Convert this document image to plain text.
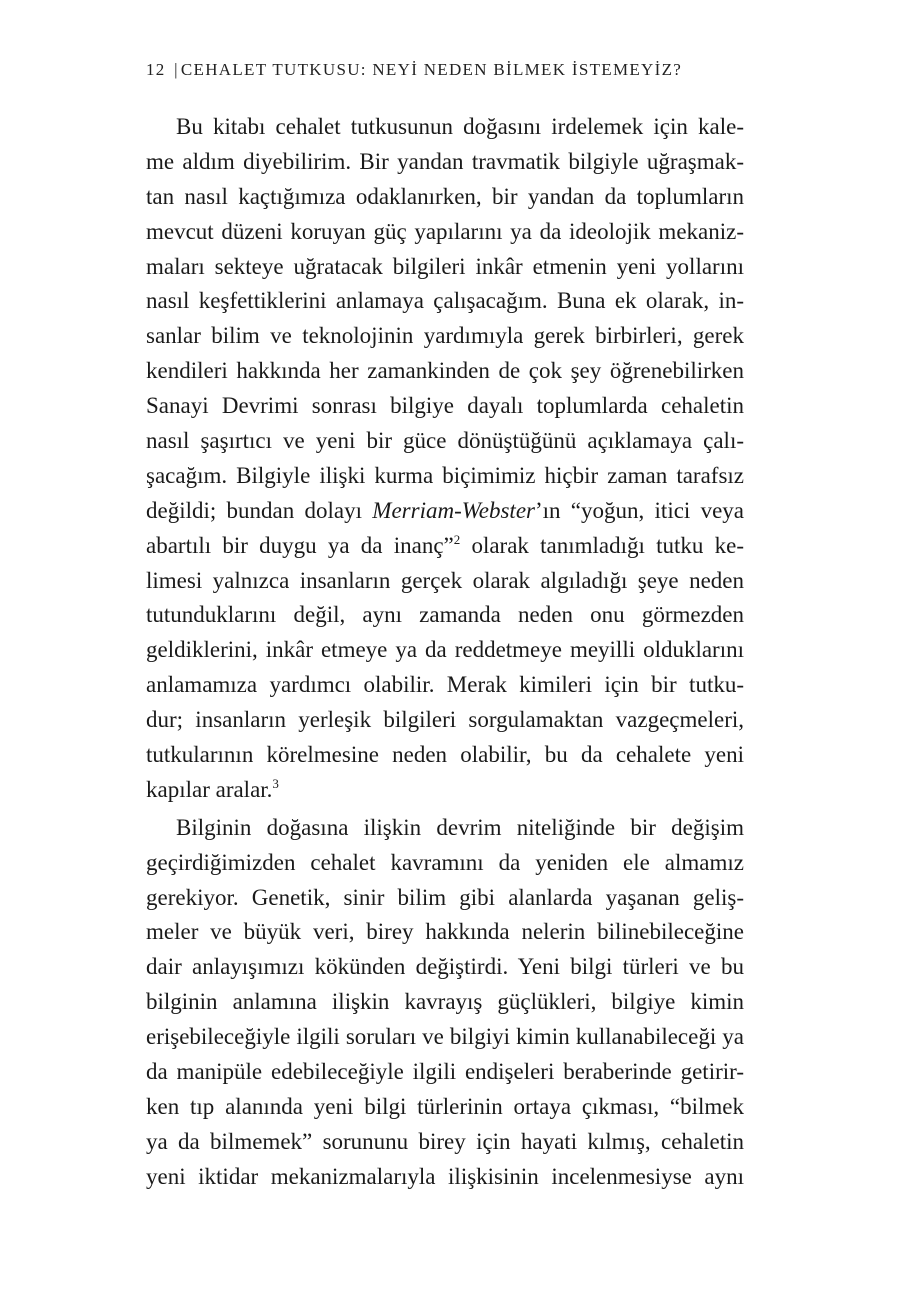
12 | CEHALET TUTKUSU: NEYİ NEDEN BİLMEK İSTEMEYİZ?
Bu kitabı cehalet tutkusunun doğasını irdelemek için kale-
me aldım diyebilirim. Bir yandan travmatik bilgiyle uğraşmak-
tan nasıl kaçtığımıza odaklanırken, bir yandan da toplumların
mevcut düzeni koruyan güç yapılarını ya da ideolojik mekaniz-
maları sekteye uğratacak bilgileri inkâr etmenin yeni yollarını
nasıl keşfettiklerini anlamaya çalışacağım. Buna ek olarak, in-
sanlar bilim ve teknolojinin yardımıyla gerek birbirleri, gerek
kendileri hakkında her zamankinden de çok şey öğrenebilirken
Sanayi Devrimi sonrası bilgiye dayalı toplumlarda cehaletin
nasıl şaşırtıcı ve yeni bir güce dönüştüğünü açıklamaya çalı-
şacağım. Bilgiyle ilişki kurma biçimimiz hiçbir zaman tarafsız
değildi; bundan dolayı Merriam-Webster’ın “yoğun, itici veya
abartılı bir duygu ya da inanç”$^2$ olarak tanımladığı tutku ke-
limesi yalnızca insanların gerçek olarak algıladığı şeye neden
tutunduklarını değil, aynı zamanda neden onu görmezden
geldiklerini, inkâr etmeye ya da reddetmeye meyilli olduklarını
anlamamıza yardımcı olabilir. Merak kimileri için bir tutku-
dur; insanların yerleşik bilgileri sorgulamaktan vazgeçmeleri,
tutkularının körelmesine neden olabilir, bu da cehalete yeni
kapılar aralar.$^3$
Bilginin doğasına ilişkin devrim niteliğinde bir değişim
geçirdiğimizden cehalet kavramını da yeniden ele almamız
gerekiyor. Genetik, sinir bilim gibi alanlarda yaşanan geliş-
meler ve büyük veri, birey hakkında nelerin bilinebileceğine
dair anlayışımızı kökünden değiştirdi. Yeni bilgi türleri ve bu
bilginin anlamına ilişkin kavrayış güçlükleri, bilgiye kimin
erişebileceğiyle ilgili soruları ve bilgiyi kimin kullanabileceği ya
da manipüle edebileceğiyle ilgili endişeleri beraberinde getirir-
ken tıp alanında yeni bilgi türlerinin ortaya çıkması, “bilmek
ya da bilmemek” sorununu birey için hayati kılmış, cehaletin
yeni iktidar mekanizmalarıyla ilişkisinin incelenmesiyse aynı
